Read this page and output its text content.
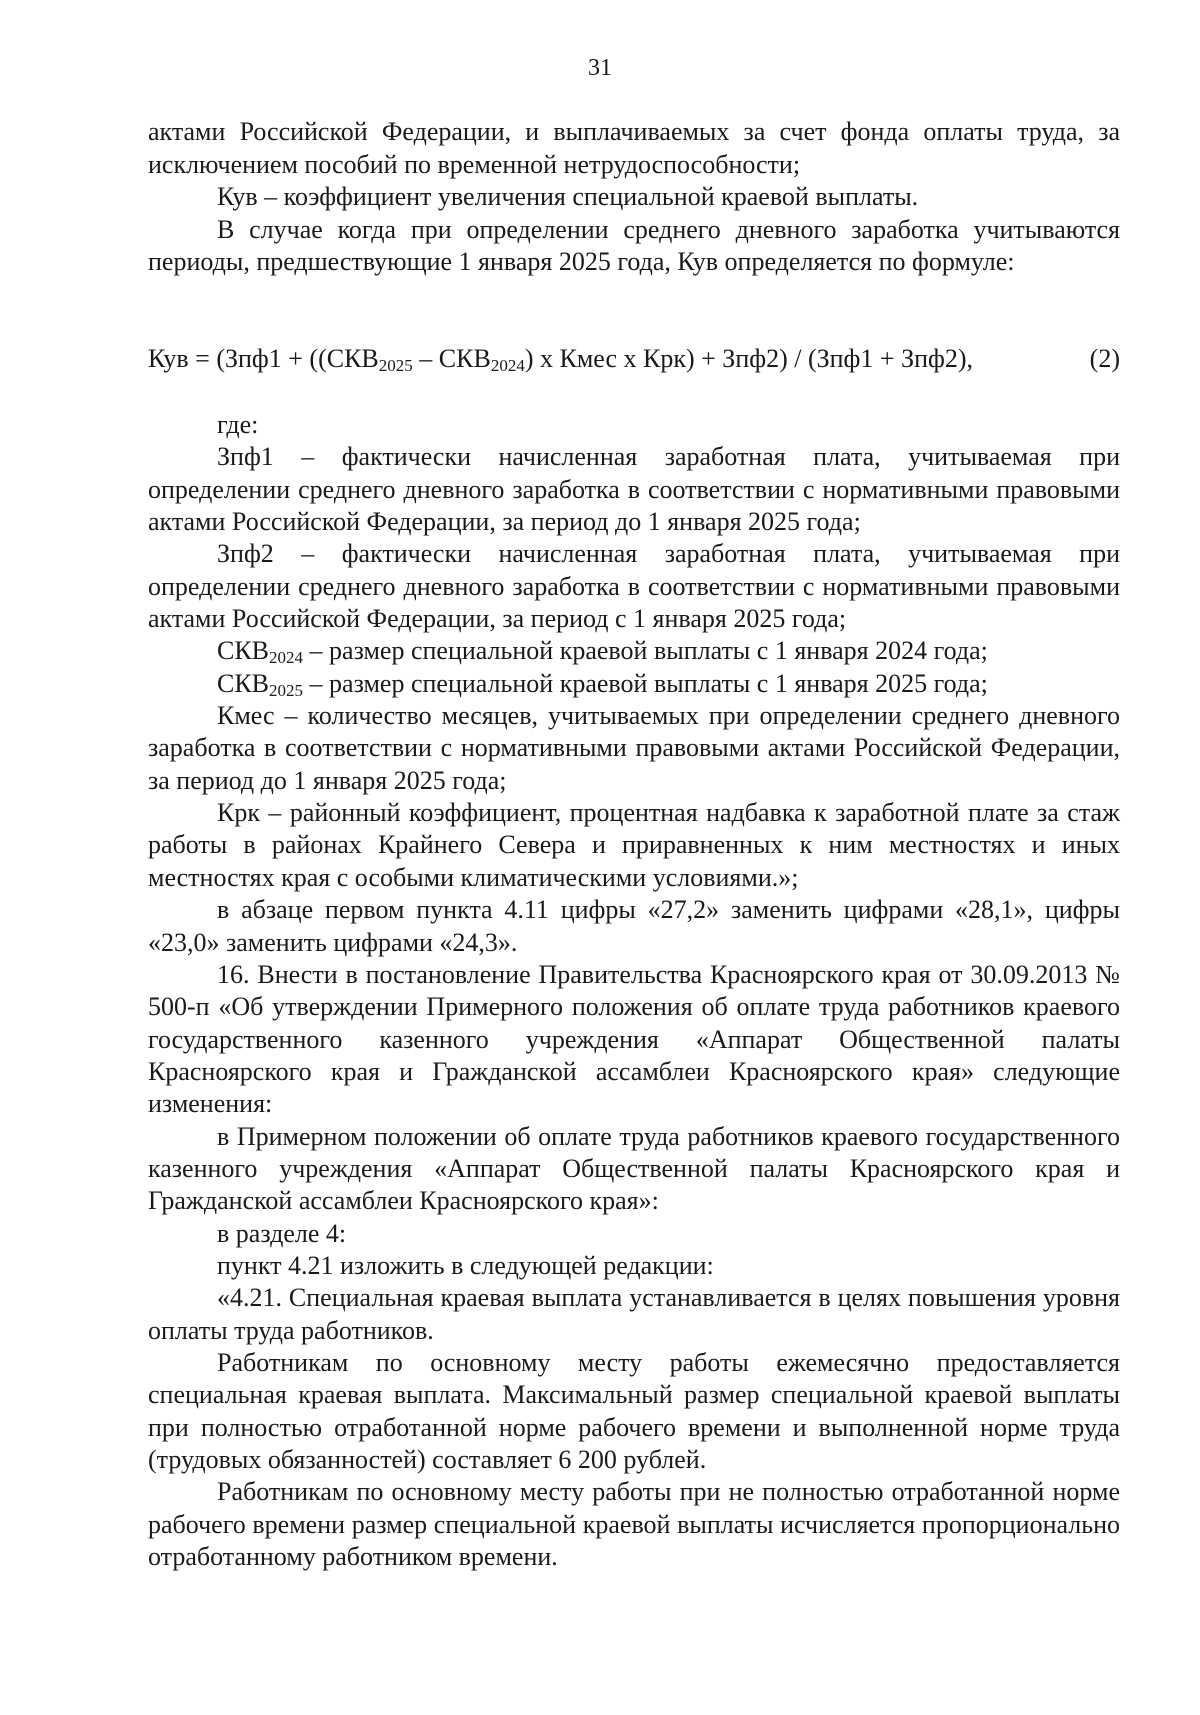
31

актами Российской Федерации, и выплачиваемых за счет фонда оплаты труда, за исключением пособий по временной нетрудоспособности;

Кув – коэффициент увеличения специальной краевой выплаты.

В случае когда при определении среднего дневного заработка учитываются периоды, предшествующие 1 января 2025 года, Кув определяется по формуле:

Кув = ($Зпф1 + ((СКВ_{2025} - СКВ_{2024})$ х Кмес х Крк) + Зпф2) / (Зпф1 + Зпф2),	(2)

где:

Зпф1 – фактически начисленная заработная плата, учитываемая при определении среднего дневного заработка в соответствии с нормативными правовыми актами Российской Федерации, за период до 1 января 2025 года;

Зпф2 – фактически начисленная заработная плата, учитываемая при определении среднего дневного заработка в соответствии с нормативными правовыми актами Российской Федерации, за период с 1 января 2025 года;

$СКВ_{2024}$ – размер специальной краевой выплаты с 1 января 2024 года;

$СКВ_{2025}$ – размер специальной краевой выплаты с 1 января 2025 года;

Кмес – количество месяцев, учитываемых при определении среднего дневного заработка в соответствии с нормативными правовыми актами Российской Федерации, за период до 1 января 2025 года;

Крк – районный коэффициент, процентная надбавка к заработной плате за стаж работы в районах Крайнего Севера и приравненных к ним местностях и иных местностях края с особыми климатическими условиями.»;

в абзаце первом пункта 4.11 цифры «27,2» заменить цифрами «28,1», цифры «23,0» заменить цифрами «24,3».

16. Внести в постановление Правительства Красноярского края от 30.09.2013 № 500-п «Об утверждении Примерного положения об оплате труда работников краевого государственного казенного учреждения «Аппарат Общественной палаты Красноярского края и Гражданской ассамблеи Красноярского края» следующие изменения:

в Примерном положении об оплате труда работников краевого государственного казенного учреждения «Аппарат Общественной палаты Красноярского края и Гражданской ассамблеи Красноярского края»:

в разделе 4:

пункт 4.21 изложить в следующей редакции:

«4.21. Специальная краевая выплата устанавливается в целях повышения уровня оплаты труда работников.

Работникам по основному месту работы ежемесячно предоставляется специальная краевая выплата. Максимальный размер специальной краевой выплаты при полностью отработанной норме рабочего времени и выполненной норме труда (трудовых обязанностей) составляет 6 200 рублей.

Работникам по основному месту работы при не полностью отработанной норме рабочего времени размер специальной краевой выплаты исчисляется пропорционально отработанному работником времени.
